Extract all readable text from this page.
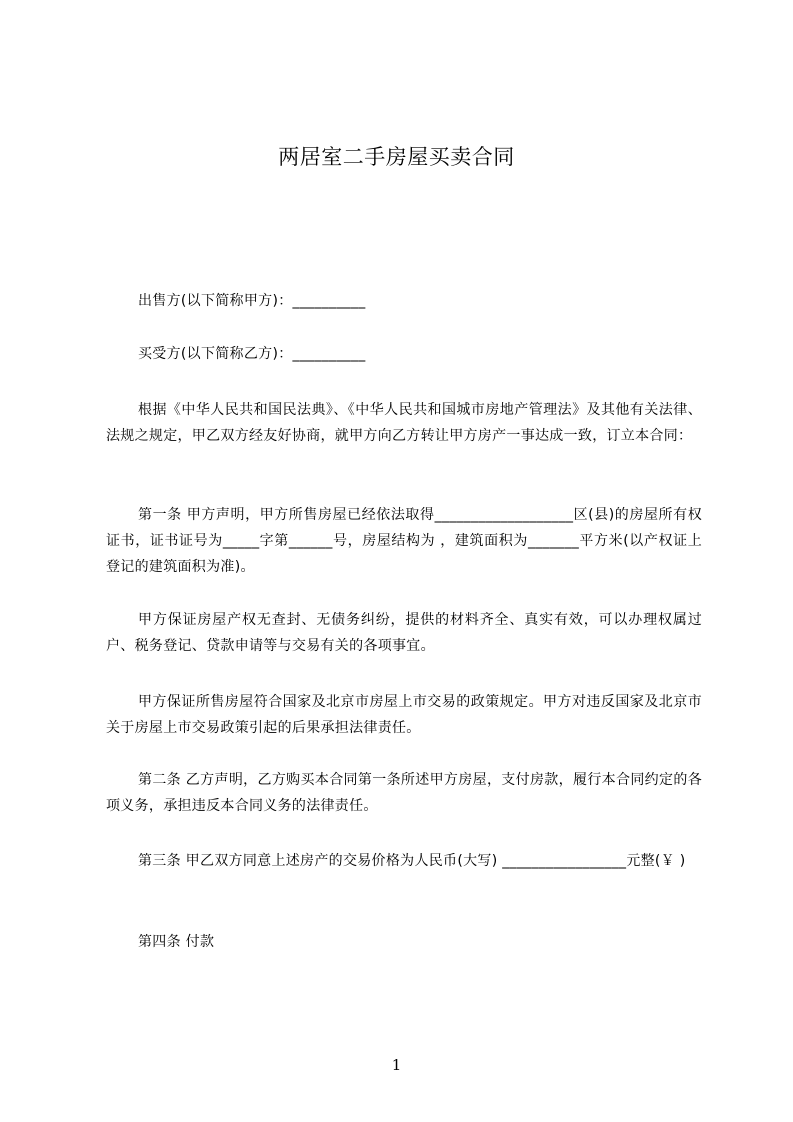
两居室二手房屋买卖合同
出售方(以下简称甲方)：__________
买受方(以下简称乙方)：__________
根据《中华人民共和国民法典》、《中华人民共和国城市房地产管理法》及其他有关法律、法规之规定，甲乙双方经友好协商，就甲方向乙方转让甲方房产一事达成一致，订立本合同：
第一条 甲方声明，甲方所售房屋已经依法取得___________________区(县)的房屋所有权证书，证书证号为_____字第______号，房屋结构为 ，建筑面积为_______平方米(以产权证上登记的建筑面积为准)。
甲方保证房屋产权无查封、无债务纠纷，提供的材料齐全、真实有效，可以办理权属过户、税务登记、贷款申请等与交易有关的各项事宜。
甲方保证所售房屋符合国家及北京市房屋上市交易的政策规定。甲方对违反国家及北京市关于房屋上市交易政策引起的后果承担法律责任。
第二条 乙方声明，乙方购买本合同第一条所述甲方房屋，支付房款，履行本合同约定的各项义务，承担违反本合同义务的法律责任。
第三条 甲乙双方同意上述房产的交易价格为人民币(大写) _________________元整(￥ )
第四条 付款
1
